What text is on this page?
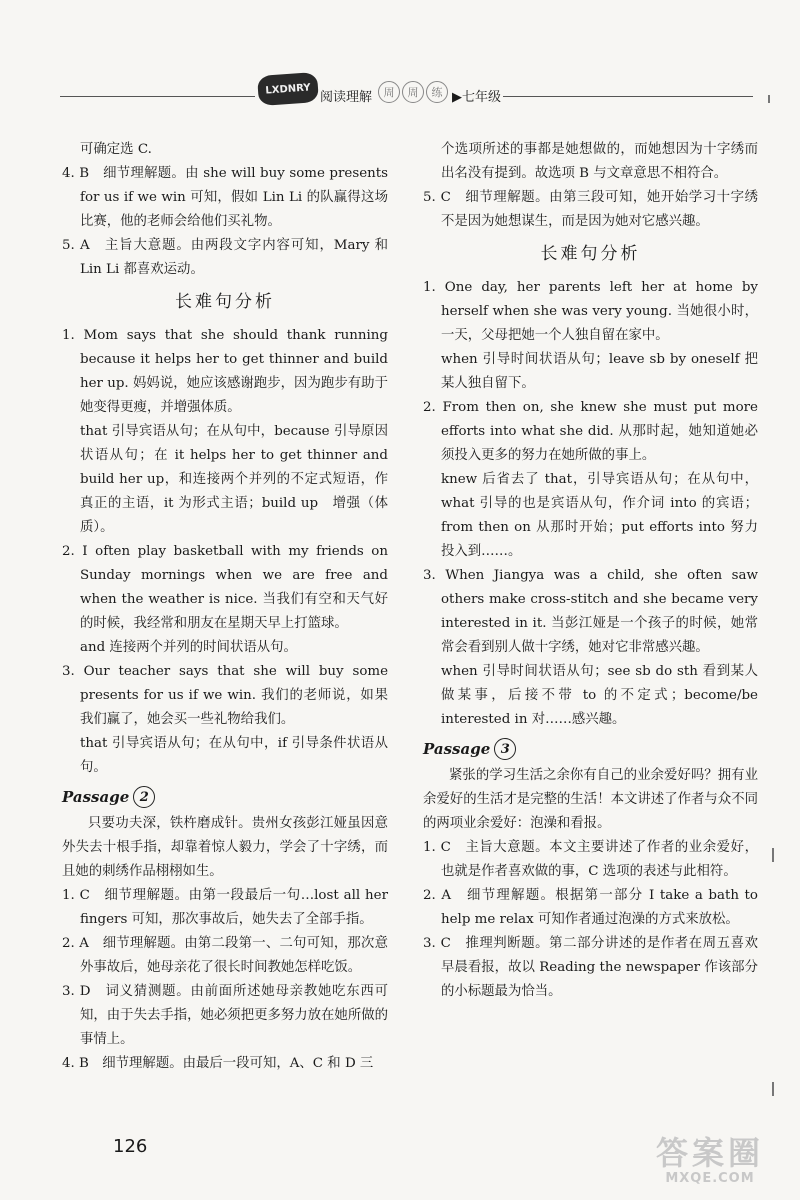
LXDNRY
阅读理解	周	周	练 ▶七年级

可确定选 C.

4. B　细节理解题。由 she will buy some presents for us if we win 可知，假如 Lin Li 的队赢得这场比赛，他的老师会给他们买礼物。

5. A　主旨大意题。由两段文字内容可知，Mary 和 Lin Li 都喜欢运动。

长难句分析

1. Mom says that she should thank running because it helps her to get thinner and build her up. 妈妈说，她应该感谢跑步，因为跑步有助于她变得更瘦，并增强体质。

that 引导宾语从句；在从句中，because 引导原因状语从句；在 it helps her to get thinner and build her up，和连接两个并列的不定式短语，作真正的主语，it 为形式主语；build up　增强（体质）。

2. I often play basketball with my friends on Sunday mornings when we are free and when the weather is nice. 当我们有空和天气好的时候，我经常和朋友在星期天早上打篮球。

and 连接两个并列的时间状语从句。

3. Our teacher says that she will buy some presents for us if we win. 我们的老师说，如果我们赢了，她会买一些礼物给我们。

that 引导宾语从句；在从句中，if 引导条件状语从句。

Passage 2

只要功夫深，铁杵磨成针。贵州女孩彭江娅虽因意外失去十根手指，却靠着惊人毅力，学会了十字绣，而且她的刺绣作品栩栩如生。

1. C　细节理解题。由第一段最后一句…lost all her fingers 可知，那次事故后，她失去了全部手指。

2. A　细节理解题。由第二段第一、二句可知，那次意外事故后，她母亲花了很长时间教她怎样吃饭。

3. D　词义猜测题。由前面所述她母亲教她吃东西可知，由于失去手指，她必须把更多努力放在她所做的事情上。

4. B　细节理解题。由最后一段可知，A、C 和 D 三

个选项所述的事都是她想做的，而她想因为十字绣而出名没有提到。故选项 B 与文章意思不相符合。

5. C　细节理解题。由第三段可知，她开始学习十字绣不是因为她想谋生，而是因为她对它感兴趣。

长难句分析

1. One day, her parents left her at home by herself when she was very young. 当她很小时，一天，父母把她一个人独自留在家中。

when 引导时间状语从句；leave sb by oneself 把某人独自留下。

2. From then on, she knew she must put more efforts into what she did. 从那时起，她知道她必须投入更多的努力在她所做的事上。

knew 后省去了 that，引导宾语从句；在从句中，what 引导的也是宾语从句，作介词 into 的宾语；from then on 从那时开始；put efforts into 努力投入到……。

3. When Jiangya was a child, she often saw others make cross-stitch and she became very interested in it. 当彭江娅是一个孩子的时候，她常常会看到别人做十字绣，她对它非常感兴趣。

when 引导时间状语从句；see sb do sth 看到某人做某事，后接不带 to 的不定式；become/be interested in 对……感兴趣。

Passage 3

紧张的学习生活之余你有自己的业余爱好吗？拥有业余爱好的生活才是完整的生活！本文讲述了作者与众不同的两项业余爱好：泡澡和看报。

1. C　主旨大意题。本文主要讲述了作者的业余爱好，也就是作者喜欢做的事，C 选项的表述与此相符。

2. A　细节理解题。根据第一部分 I take a bath to help me relax 可知作者通过泡澡的方式来放松。

3. C　推理判断题。第二部分讲述的是作者在周五喜欢早晨看报，故以 Reading the newspaper 作该部分的小标题最为恰当。

126	答案圈
MXQE.COM
